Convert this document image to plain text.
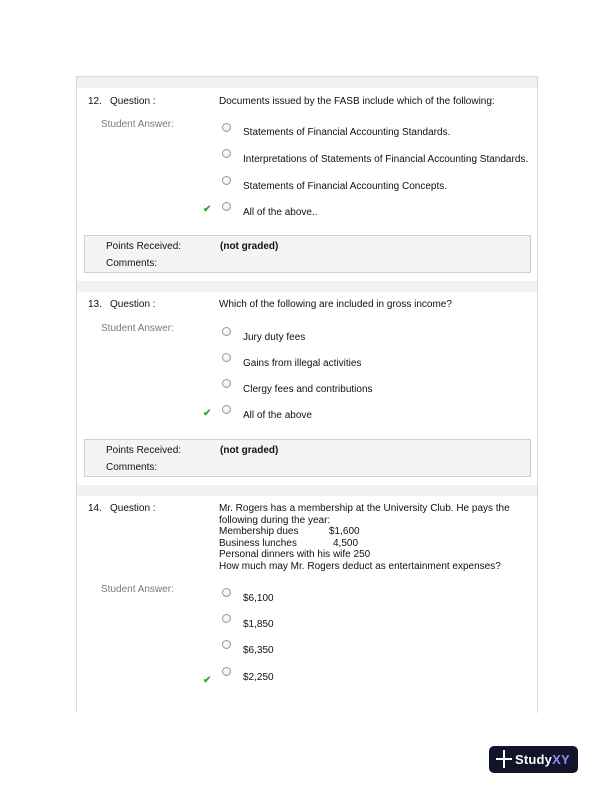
12. Question :	Documents issued by the FASB include which of the following:
Student Answer:
Statements of Financial Accounting Standards.
Interpretations of Statements of Financial Accounting Standards.
Statements of Financial Accounting Concepts.
✔	All of the above..
Points Received:	(not graded)
Comments:
13. Question :	Which of the following are included in gross income?
Student Answer:
Jury duty fees
Gains from illegal activities
Clergy fees and contributions
✔	All of the above
Points Received:	(not graded)
Comments:
14. Question :	Mr. Rogers has a membership at the University Club. He pays the
following during the year:
Membership dues	$1,600
Business lunches	4,500
Personal dinners with his wife 250
How much may Mr. Rogers deduct as entertainment expenses?
Student Answer:
$6,100
$1,850
$6,350
✔	$2,250
StudyXY
